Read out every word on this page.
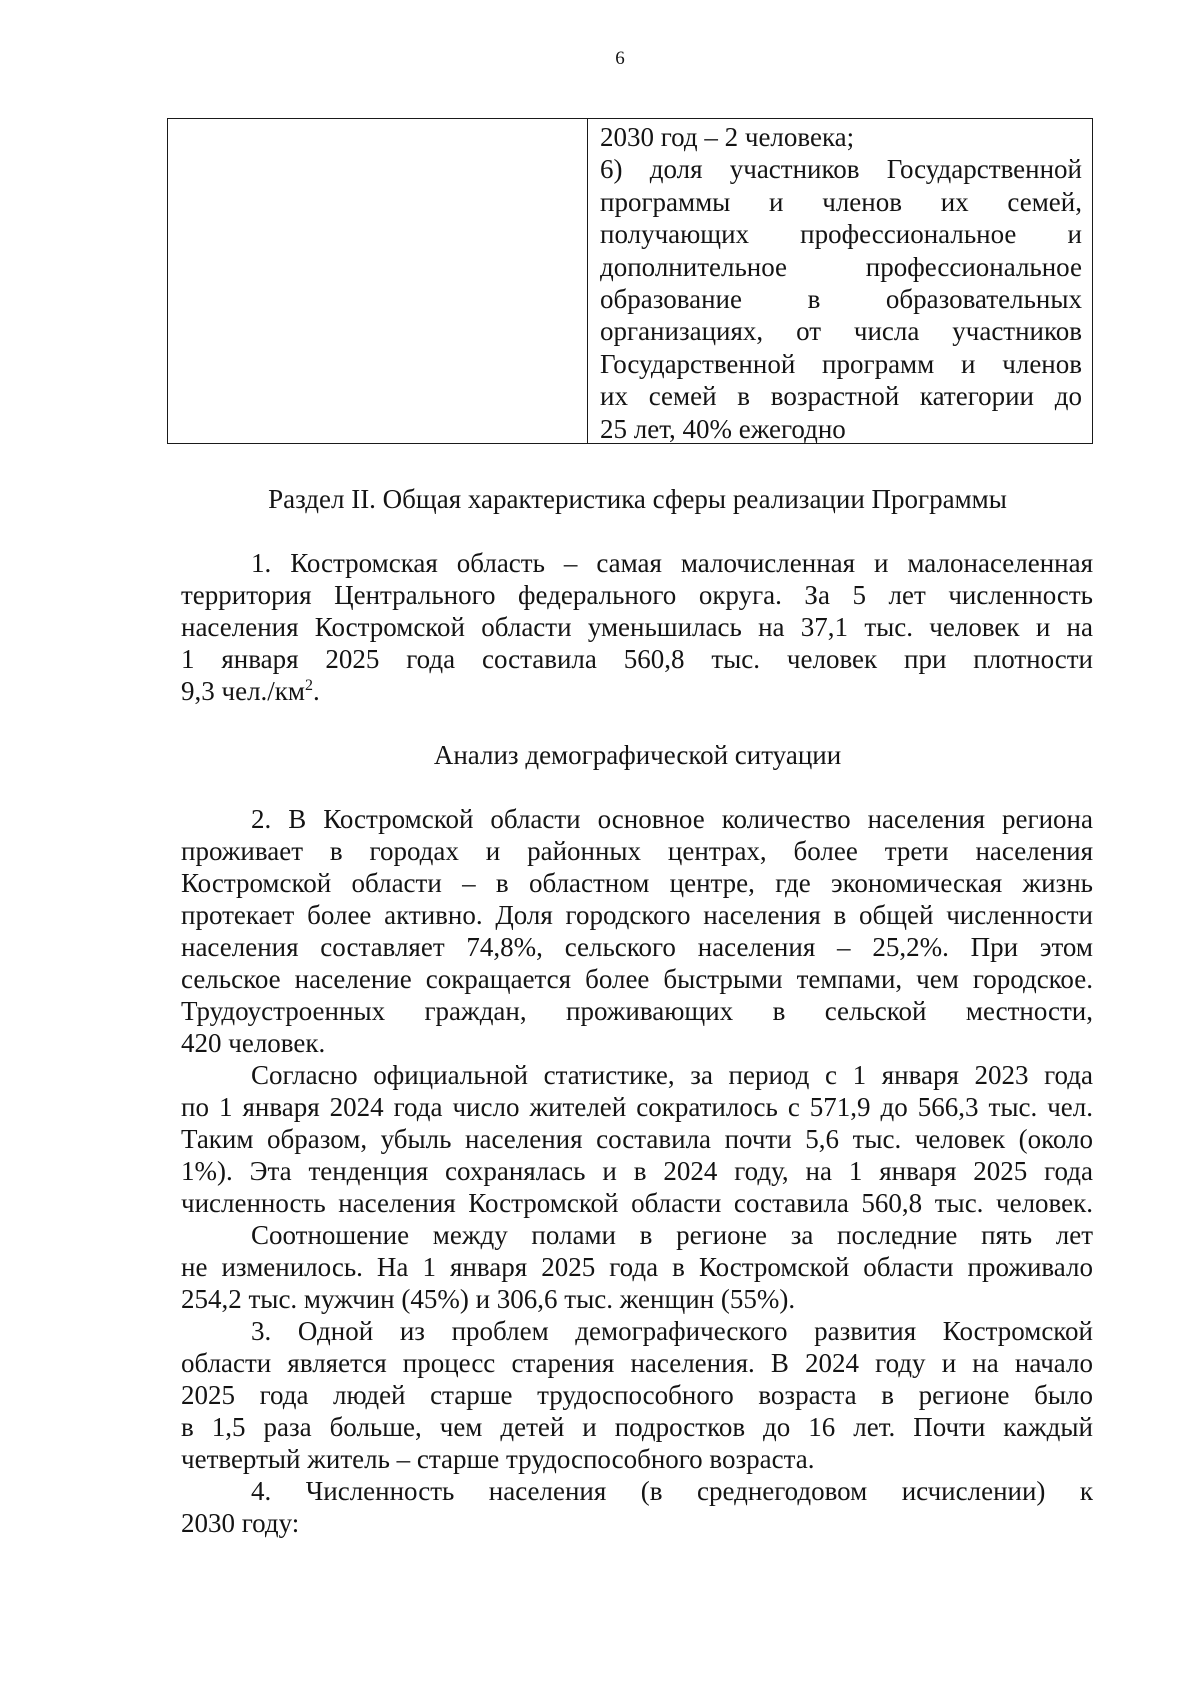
6
2030 год – 2 человека;
6) доля участников Государственной
программы и членов их семей,
получающих профессиональное и
дополнительное профессиональное
образование в образовательных
организациях, от числа участников
Государственной программ и членов
их семей в возрастной категории до
25 лет, 40% ежегодно
Раздел II. Общая характеристика сферы реализации Программы
1. Костромская область – самая малочисленная и малонаселенная
территория Центрального федерального округа. За 5 лет численность
населения Костромской области уменьшилась на 37,1 тыс. человек и на
1 января 2025 года составила 560,8 тыс. человек при плотности
9,3 $чел./км^2$.
Анализ демографической ситуации
2. В Костромской области основное количество населения региона
проживает в городах и районных центрах, более трети населения
Костромской области – в областном центре, где экономическая жизнь
протекает более активно. Доля городского населения в общей численности
населения составляет 74,8%, сельского населения – 25,2%. При этом
сельское население сокращается более быстрыми темпами, чем городское.
Трудоустроенных граждан, проживающих в сельской местности,
420 человек.
Согласно официальной статистике, за период с 1 января 2023 года
по 1 января 2024 года число жителей сократилось с 571,9 до 566,3 тыс. чел.
Таким образом, убыль населения составила почти 5,6 тыс. человек (около
1%). Эта тенденция сохранялась и в 2024 году, на 1 января 2025 года
численность населения Костромской области составила 560,8 тыс. человек.
Соотношение между полами в регионе за последние пять лет
не изменилось. На 1 января 2025 года в Костромской области проживало
254,2 тыс. мужчин (45%) и 306,6 тыс. женщин (55%).
3. Одной из проблем демографического развития Костромской
области является процесс старения населения. В 2024 году и на начало
2025 года людей старше трудоспособного возраста в регионе было
в 1,5 раза больше, чем детей и подростков до 16 лет. Почти каждый
четвертый житель – старше трудоспособного возраста.
4. Численность населения (в среднегодовом исчислении) к
2030 году:
